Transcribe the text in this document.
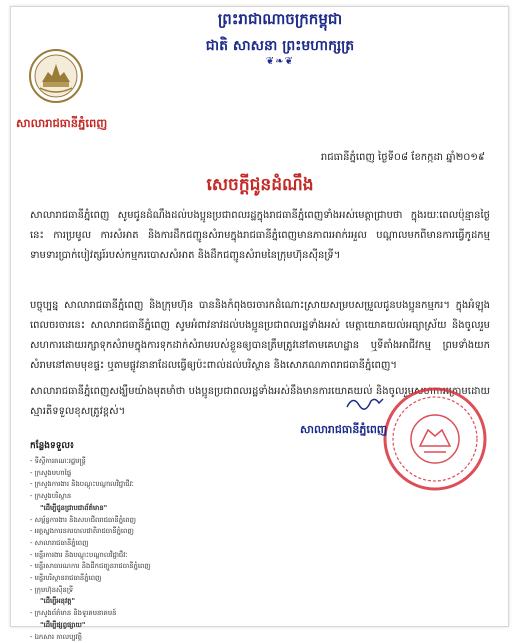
ព្រះរាជាណាចក្រកម្ពុជា
ជាតិ សាសនា ព្រះមហាក្សត្រ
❦❧❦
សាលារាជធានីភ្នំពេញ
រាជធានីភ្នំពេញ ថ្ងៃទី០៨ ខែកក្កដា ឆ្នាំ២០១៩
សេចក្ដីជូនដំណឹង
សាលារាជធានីភ្នំពេញ សូមជូនដំណឹងដល់បងប្អូនប្រជាពលរដ្ឋក្នុងរាជធានីភ្នំពេញទាំងអស់មេត្តាជ្រាបថា ក្នុងរយៈពេលប៉ុន្មានថ្ងៃនេះ ការប្រមូល ការសំអាត និងការដឹកជញ្ជូនសំរាមក្នុងរាជធានីភ្នំពេញមានភាពរអាក់រអួល បណ្ដាលមកពីមានការធ្វើកូដកម្មទាមទារប្រាក់បៀវត្សរ៍របស់កម្មករបោសសំអាត និងដឹកជញ្ជូនសំរាមនៃក្រុមហ៊ុនស៊ីនទ្រី។
បច្ចុប្បន្ន សាលារាជធានីភ្នំពេញ និងក្រុមហ៊ុន បាននិងកំពុងចរចារកដំណោះស្រាយសម្របសម្រួលជូនបងប្អូនកម្មករ។ ក្នុងអំឡុងពេលចរចារនេះ សាលារាជធានីភ្នំពេញ សូមអំពាវនាវដល់បងប្អូនប្រជាពលរដ្ឋទាំងអស់ មេត្តាយោគយល់អធ្យាស្រ័យ និងចូលរួមសហការដោយរក្សាទុកសំរាមក្នុងការទុកដាក់សំរាមរបស់ខ្លួនឲ្យបានត្រឹមត្រូវនៅតាមគេហដ្ឋាន ឬទីតាំងអាជីវកម្ម ព្រមទាំងយកសំរាមនៅតាមមុខផ្ទះ ឬតាមផ្លូវនានាដែលធ្វើឲ្យប៉ះពាល់ដល់បរិស្ថាន និងសោភណភាពរាជធានីភ្នំពេញ។
សាលារាជធានីភ្នំពេញសង្ឃឹមយ៉ាងមុតមាំថា បងប្អូនប្រជាពលរដ្ឋទាំងអស់នឹងមានការយោគយល់ និងចូលរួមសហការក្រោមដោយស្មារតីទទួលខុសត្រូវខ្ពស់។
សាលារាជធានីភ្នំពេញ
កន្លែងទទួល៖
- ទីស្តីការគណៈរដ្ឋមន្ត្រី
- ក្រសួងមហាផ្ទៃ
- ក្រសួងការងារ និងបណ្តុះបណ្តាលវិជ្ជាជីវៈ
- ក្រសួងបរិស្ថាន
"ដើម្បីជូនជ្រាបជាព័ត៌មាន"
- សម្ព័ន្ធការងារ និងសហជីពរាជធានីភ្នំពេញ
- អគ្គស្នងការនគរបាលជាតិរាជធានីភ្នំពេញ
- សាលារាជធានីភ្នំពេញ
- មន្ទីរការងារ និងបណ្តុះបណ្តាលវិជ្ជាជីវៈ
- មន្ទីរសាធារណការ និងដឹកជញ្ជូនរាជធានីភ្នំពេញ
- មន្ទីរបរិស្ថានរាជធានីភ្នំពេញ
- ក្រុមហ៊ុនស៊ីនទ្រី
"ដើម្បីអនុវត្ត"
- ក្រសួងព័ត៌មាន និងទូរគមនាគមន៍
"ដើម្បីផ្សព្វផ្សាយ"
- ឯកសារ កាលប្បវត្តិ
